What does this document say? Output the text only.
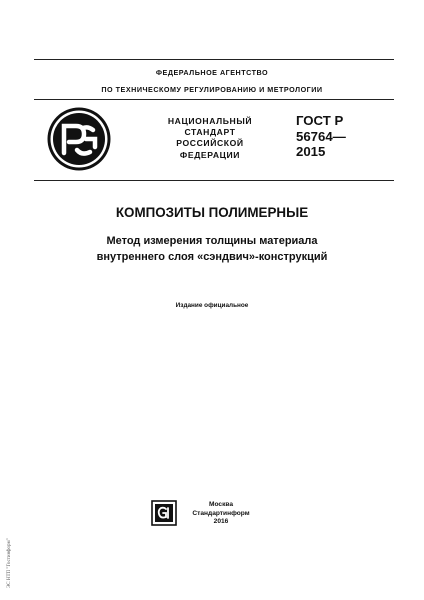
ФЕДЕРАЛЬНОЕ АГЕНТСТВО
ПО ТЕХНИЧЕСКОМУ РЕГУЛИРОВАНИЮ И МЕТРОЛОГИИ
НАЦИОНАЛЬНЫЙ
СТАНДАРТ
РОССИЙСКОЙ
ФЕДЕРАЦИИ
ГОСТ Р
56764—
2015
КОМПОЗИТЫ ПОЛИМЕРНЫЕ
Метод измерения толщины материала
внутреннего слоя «сэндвич»-конструкций
Издание официальное
Москва
Стандартинформ
2016
ЭС НТП "Гостинформ"
